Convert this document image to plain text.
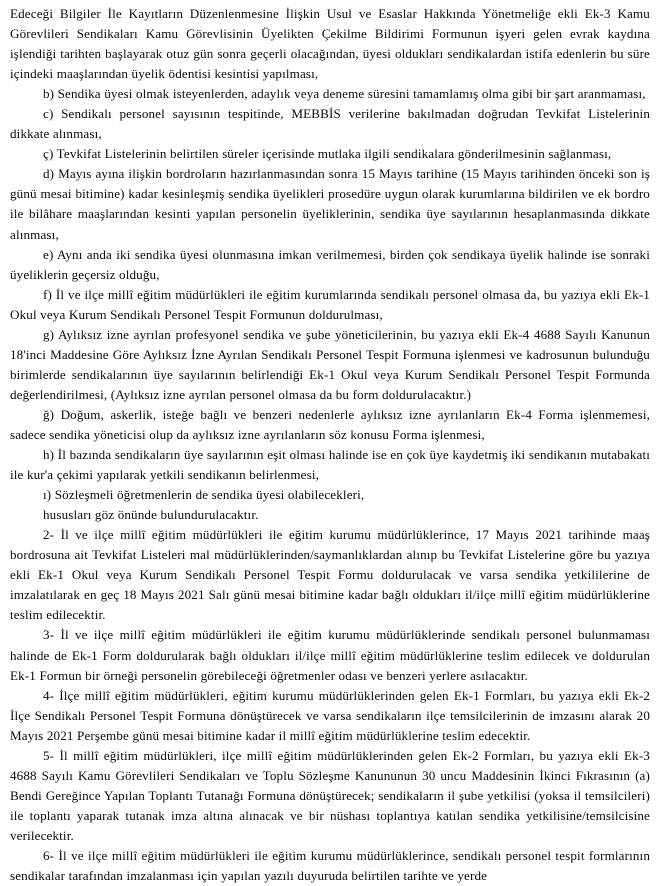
Edeceği Bilgiler İle Kayıtların Düzenlenmesine İlişkin Usul ve Esaslar Hakkında Yönetmeliğe ekli Ek-3 Kamu Görevlileri Sendikaları Kamu Görevlisinin Üyelikten Çekilme Bildirimi Formunun işyeri gelen evrak kaydına işlendiği tarihten başlayarak otuz gün sonra geçerli olacağından, üyesi oldukları sendikalardan istifa edenlerin bu süre içindeki maaşlarından üyelik ödentisi kesintisi yapılması,

b) Sendika üyesi olmak isteyenlerden, adaylık veya deneme süresini tamamlamış olma gibi bir şart aranmaması,

c) Sendikalı personel sayısının tespitinde, MEBBİS verilerine bakılmadan doğrudan Tevkifat Listelerinin dikkate alınması,

ç) Tevkifat Listelerinin belirtilen süreler içerisinde mutlaka ilgili sendikalara gönderilmesinin sağlanması,

d) Mayıs ayına ilişkin bordroların hazırlanmasından sonra 15 Mayıs tarihine (15 Mayıs tarihinden önceki son iş günü mesai bitimine) kadar kesinleşmiş sendika üyelikleri prosedüre uygun olarak kurumlarına bildirilen ve ek bordro ile bilâhare maaşlarından kesinti yapılan personelin üyeliklerinin, sendika üye sayılarının hesaplanmasında dikkate alınması,

e) Aynı anda iki sendika üyesi olunmasına imkan verilmemesi, birden çok sendikaya üyelik halinde ise sonraki üyeliklerin geçersiz olduğu,

f) İl ve ilçe millî eğitim müdürlükleri ile eğitim kurumlarında sendikalı personel olmasa da, bu yazıya ekli Ek-1 Okul veya Kurum Sendikalı Personel Tespit Formunun doldurulması,

g) Aylıksız izne ayrılan profesyonel sendika ve şube yöneticilerinin, bu yazıya ekli Ek-4 4688 Sayılı Kanunun 18'inci Maddesine Göre Aylıksız İzne Ayrılan Sendikalı Personel Tespit Formuna işlenmesi ve kadrosunun bulunduğu birimlerde sendikalarının üye sayılarının belirlendiği Ek-1 Okul veya Kurum Sendikalı Personel Tespit Formunda değerlendirilmesi, (Aylıksız izne ayrılan personel olmasa da bu form doldurulacaktır.)

ğ) Doğum, askerlik, isteğe bağlı ve benzeri nedenlerle aylıksız izne ayrılanların Ek-4 Forma işlenmemesi, sadece sendika yöneticisi olup da aylıksız izne ayrılanların söz konusu Forma işlenmesi,

h) İl bazında sendikaların üye sayılarının eşit olması halinde ise en çok üye kaydetmiş iki sendikanın mutabakatı ile kur'a çekimi yapılarak yetkili sendikanın belirlenmesi,

ı) Sözleşmeli öğretmenlerin de sendika üyesi olabilecekleri,

hususları göz önünde bulundurulacaktır.

2- İl ve ilçe millî eğitim müdürlükleri ile eğitim kurumu müdürlüklerince, 17 Mayıs 2021 tarihinde maaş bordrosuna ait Tevkifat Listeleri mal müdürlüklerinden/saymanlıklardan alınıp bu Tevkifat Listelerine göre bu yazıya ekli Ek-1 Okul veya Kurum Sendikalı Personel Tespit Formu doldurulacak ve varsa sendika yetkililerine de imzalatılarak en geç 18 Mayıs 2021 Salı günü mesai bitimine kadar bağlı oldukları il/ilçe millî eğitim müdürlüklerine teslim edilecektir.

3- İl ve ilçe millî eğitim müdürlükleri ile eğitim kurumu müdürlüklerinde sendikalı personel bulunmaması halinde de Ek-1 Form doldurularak bağlı oldukları il/ilçe millî eğitim müdürlüklerine teslim edilecek ve doldurulan Ek-1 Formun bir örneği personelin görebileceği öğretmenler odası ve benzeri yerlere asılacaktır.

4- İlçe millî eğitim müdürlükleri, eğitim kurumu müdürlüklerinden gelen Ek-1 Formları, bu yazıya ekli Ek-2 İlçe Sendikalı Personel Tespit Formuna dönüştürecek ve varsa sendikaların ilçe temsilcilerinin de imzasını alarak 20 Mayıs 2021 Perşembe günü mesai bitimine kadar il millî eğitim müdürlüklerine teslim edecektir.

5- İl millî eğitim müdürlükleri, ilçe millî eğitim müdürlüklerinden gelen Ek-2 Formları, bu yazıya ekli Ek-3 4688 Sayılı Kamu Görevlileri Sendikaları ve Toplu Sözleşme Kanununun 30 uncu Maddesinin İkinci Fıkrasının (a) Bendi Gereğince Yapılan Toplantı Tutanağı Formuna dönüştürecek; sendikaların il şube yetkilisi (yoksa il temsilcileri) ile toplantı yaparak tutanak imza altına alınacak ve bir nüshası toplantıya katılan sendika yetkilisine/temsilcisine verilecektir.

6- İl ve ilçe millî eğitim müdürlükleri ile eğitim kurumu müdürlüklerince, sendikalı personel tespit formlarının sendikalar tarafından imzalanması için yapılan yazılı duyuruda belirtilen tarihte ve yerde
